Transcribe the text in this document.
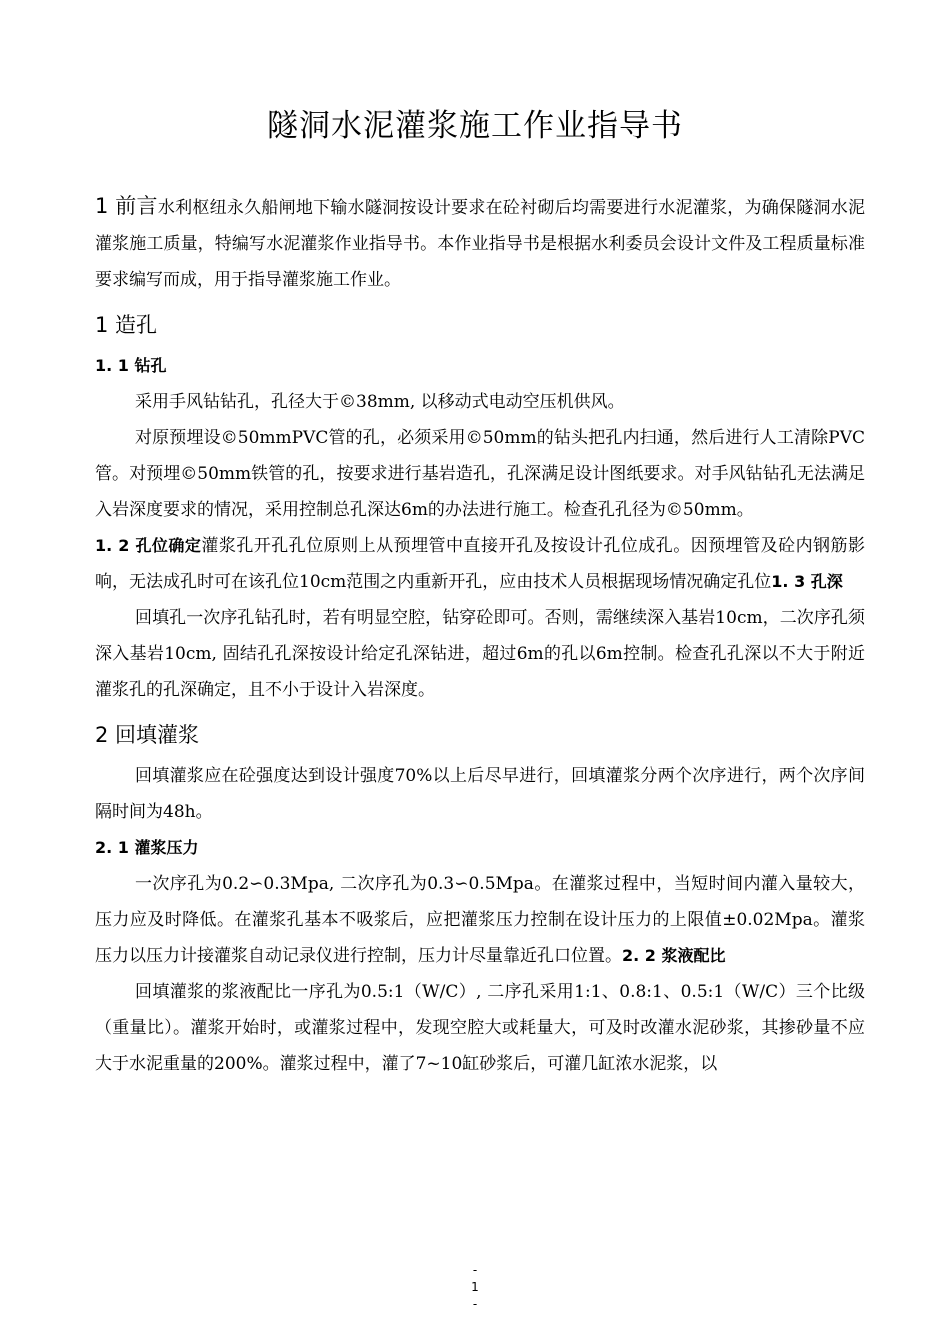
隧洞水泥灌浆施工作业指导书

1 前言水利枢纽永久船闸地下输水隧洞按设计要求在砼衬砌后均需要进行水泥灌浆，为确保隧洞水泥灌浆施工质量，特编写水泥灌浆作业指导书。本作业指导书是根据水利委员会设计文件及工程质量标准要求编写而成，用于指导灌浆施工作业。

1 造孔

1. 1 钻孔

采用手风钻钻孔，孔径大于©38mm, 以移动式电动空压机供风。

对原预埋设©50mmPVC管的孔，必须采用©50mm的钻头把孔内扫通，然后进行人工清除PVC管。对预埋©50mm铁管的孔，按要求进行基岩造孔，孔深满足设计图纸要求。对手风钻钻孔无法满足入岩深度要求的情况，采用控制总孔深达6m的办法进行施工。检查孔孔径为©50mm。

1. 2 孔位确定灌浆孔开孔孔位原则上从预埋管中直接开孔及按设计孔位成孔。因预埋管及砼内钢筋影响，无法成孔时可在该孔位10cm范围之内重新开孔，应由技术人员根据现场情况确定孔位1. 3 孔深

回填孔一次序孔钻孔时，若有明显空腔，钻穿砼即可。否则，需继续深入基岩10cm，二次序孔须深入基岩10cm, 固结孔孔深按设计给定孔深钻进，超过6m的孔以6m控制。检查孔孔深以不大于附近灌浆孔的孔深确定，且不小于设计入岩深度。

2 回填灌浆

回填灌浆应在砼强度达到设计强度70%以上后尽早进行，回填灌浆分两个次序进行，两个次序间隔时间为48h。

2. 1 灌浆压力

一次序孔为0.2∽0.3Mpa, 二次序孔为0.3∽0.5Mpa。在灌浆过程中，当短时间内灌入量较大，压力应及时降低。在灌浆孔基本不吸浆后，应把灌浆压力控制在设计压力的上限值±0.02Mpa。灌浆压力以压力计接灌浆自动记录仪进行控制，压力计尽量靠近孔口位置。2. 2 浆液配比

回填灌浆的浆液配比一序孔为0.5:1（W/C）, 二序孔采用1:1、0.8:1、0.5:1（W/C）三个比级（重量比）。灌浆开始时，或灌浆过程中，发现空腔大或耗量大，可及时改灌水泥砂浆，其掺砂量不应大于水泥重量的200%。灌浆过程中，灌了7~10缸砂浆后，可灌几缸浓水泥浆，以

-
1
-
